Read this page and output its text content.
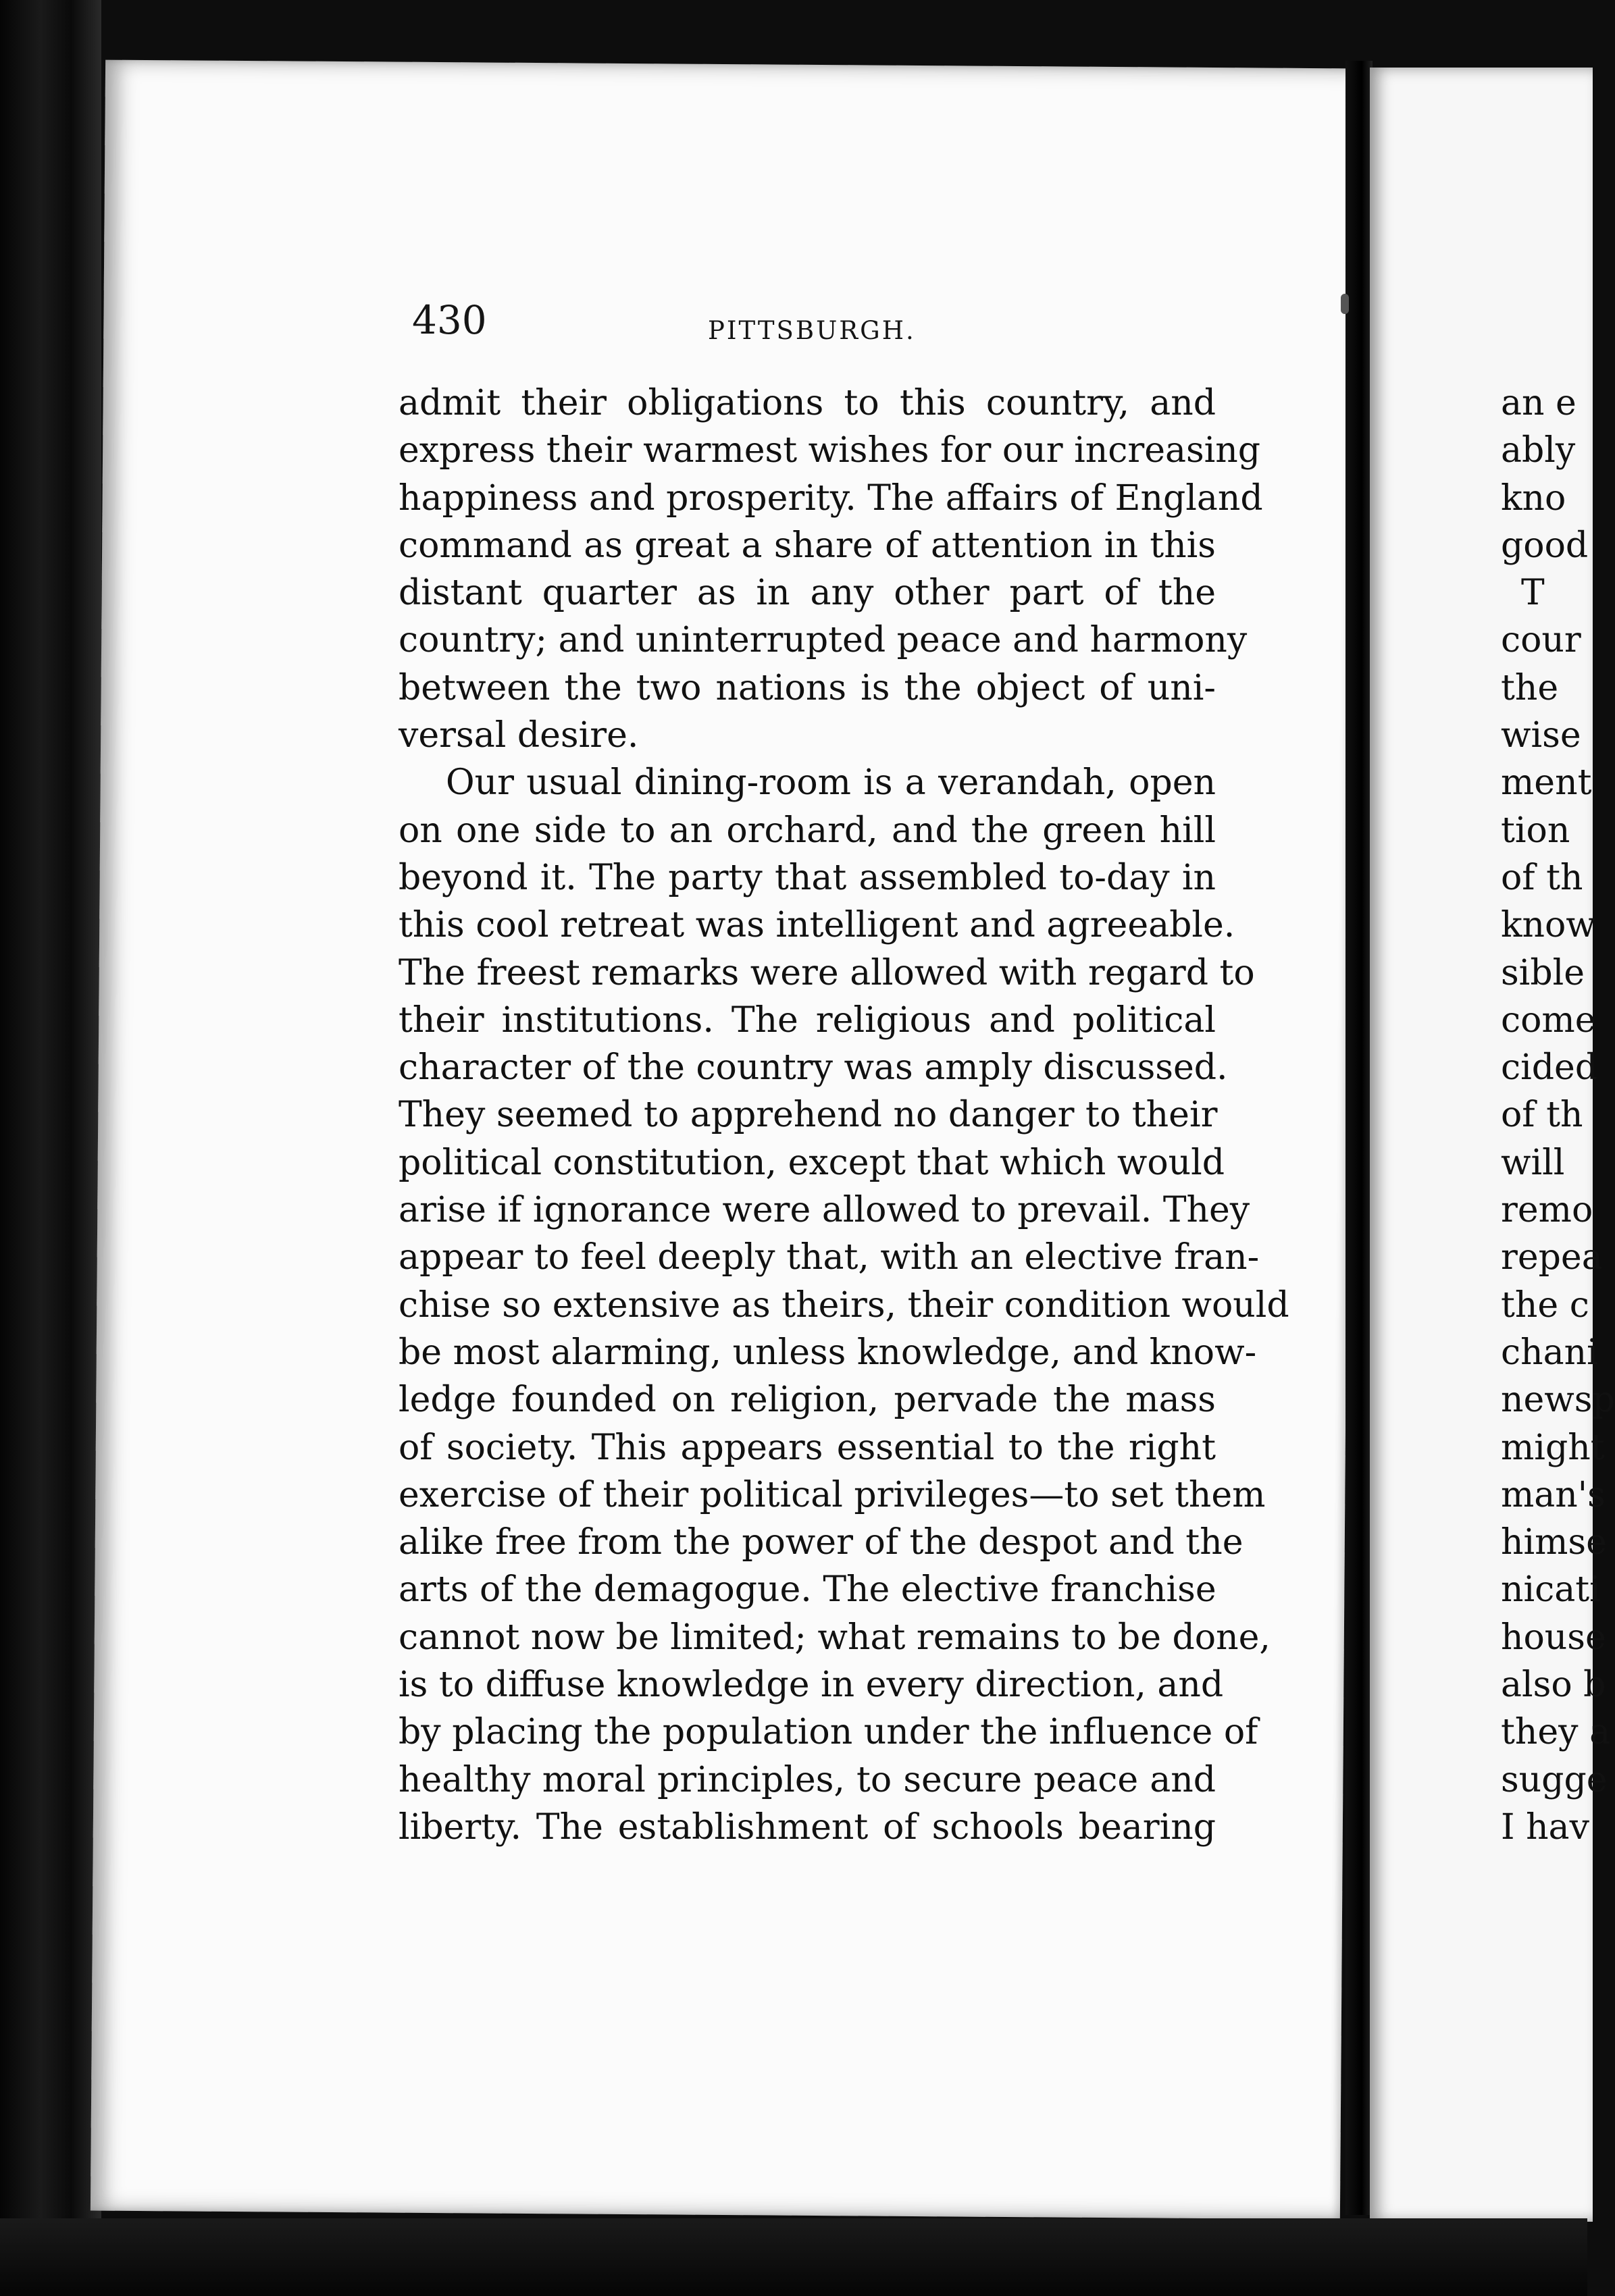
430	PITTSBURGH.
admit their obligations to this country, and
express their warmest wishes for our increasing
happiness and prosperity. The affairs of England
command as great a share of attention in this
distant quarter as in any other part of the
country; and uninterrupted peace and harmony
between the two nations is the object of uni-
versal desire.
Our usual dining-room is a verandah, open
on one side to an orchard, and the green hill
beyond it. The party that assembled to-day in
this cool retreat was intelligent and agreeable.
The freest remarks were allowed with regard to
their institutions. The religious and political
character of the country was amply discussed.
They seemed to apprehend no danger to their
political constitution, except that which would
arise if ignorance were allowed to prevail. They
appear to feel deeply that, with an elective fran-
chise so extensive as theirs, their condition would
be most alarming, unless knowledge, and know-
ledge founded on religion, pervade the mass
of society. This appears essential to the right
exercise of their political privileges—to set them
alike free from the power of the despot and the
arts of the demagogue. The elective franchise
cannot now be limited; what remains to be done,
is to diffuse knowledge in every direction, and
by placing the population under the influence of
healthy moral principles, to secure peace and
liberty. The establishment of schools bearing
an e
ably
kno
good
T
cour
the
wise
ment
tion
of th
know
sible
come
cided
of th
will
remo
repea
the c
chani
newsp
might
man's
himse
nicati
house
also b
they a
sugge
I hav
